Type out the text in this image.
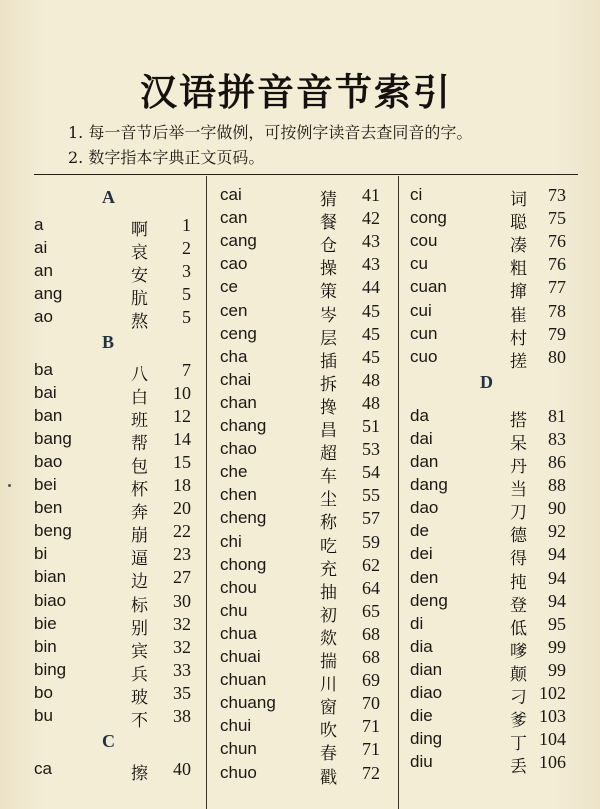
汉语拼音音节索引
1. 每一音节后举一字做例，可按例字读音去查同音的字。
2. 数字指本字典正文页码。
A
a	啊	1
ai	哀	2
an	安	3
ang	肮	5
ao	熬	5
B
ba	八	7
bai	白	10
ban	班	12
bang	帮	14
bao	包	15
bei	杯	18
ben	奔	20
beng	崩	22
bi	逼	23
bian	边	27
biao	标	30
bie	别	32
bin	宾	32
bing	兵	33
bo	玻	35
bu	不	38
C
ca	擦	40
cai	猜	41
can	餐	42
cang	仓	43
cao	操	43
ce	策	44
cen	岑	45
ceng	层	45
cha	插	45
chai	拆	48
chan	搀	48
chang	昌	51
chao	超	53
che	车	54
chen	尘	55
cheng	称	57
chi	吃	59
chong	充	62
chou	抽	64
chu	初	65
chua	欻	68
chuai	揣	68
chuan	川	69
chuang	窗	70
chui	吹	71
chun	春	71
chuo	戳	72
ci	词	73
cong	聪	75
cou	凑	76
cu	粗	76
cuan	撺	77
cui	崔	78
cun	村	79
cuo	搓	80
D
da	搭	81
dai	呆	83
dan	丹	86
dang	当	88
dao	刀	90
de	德	92
dei	得	94
den	扽	94
deng	登	94
di	低	95
dia	嗲	99
dian	颠	99
diao	刁 102
die	爹 103
ding	丁 104
diu	丢 106
